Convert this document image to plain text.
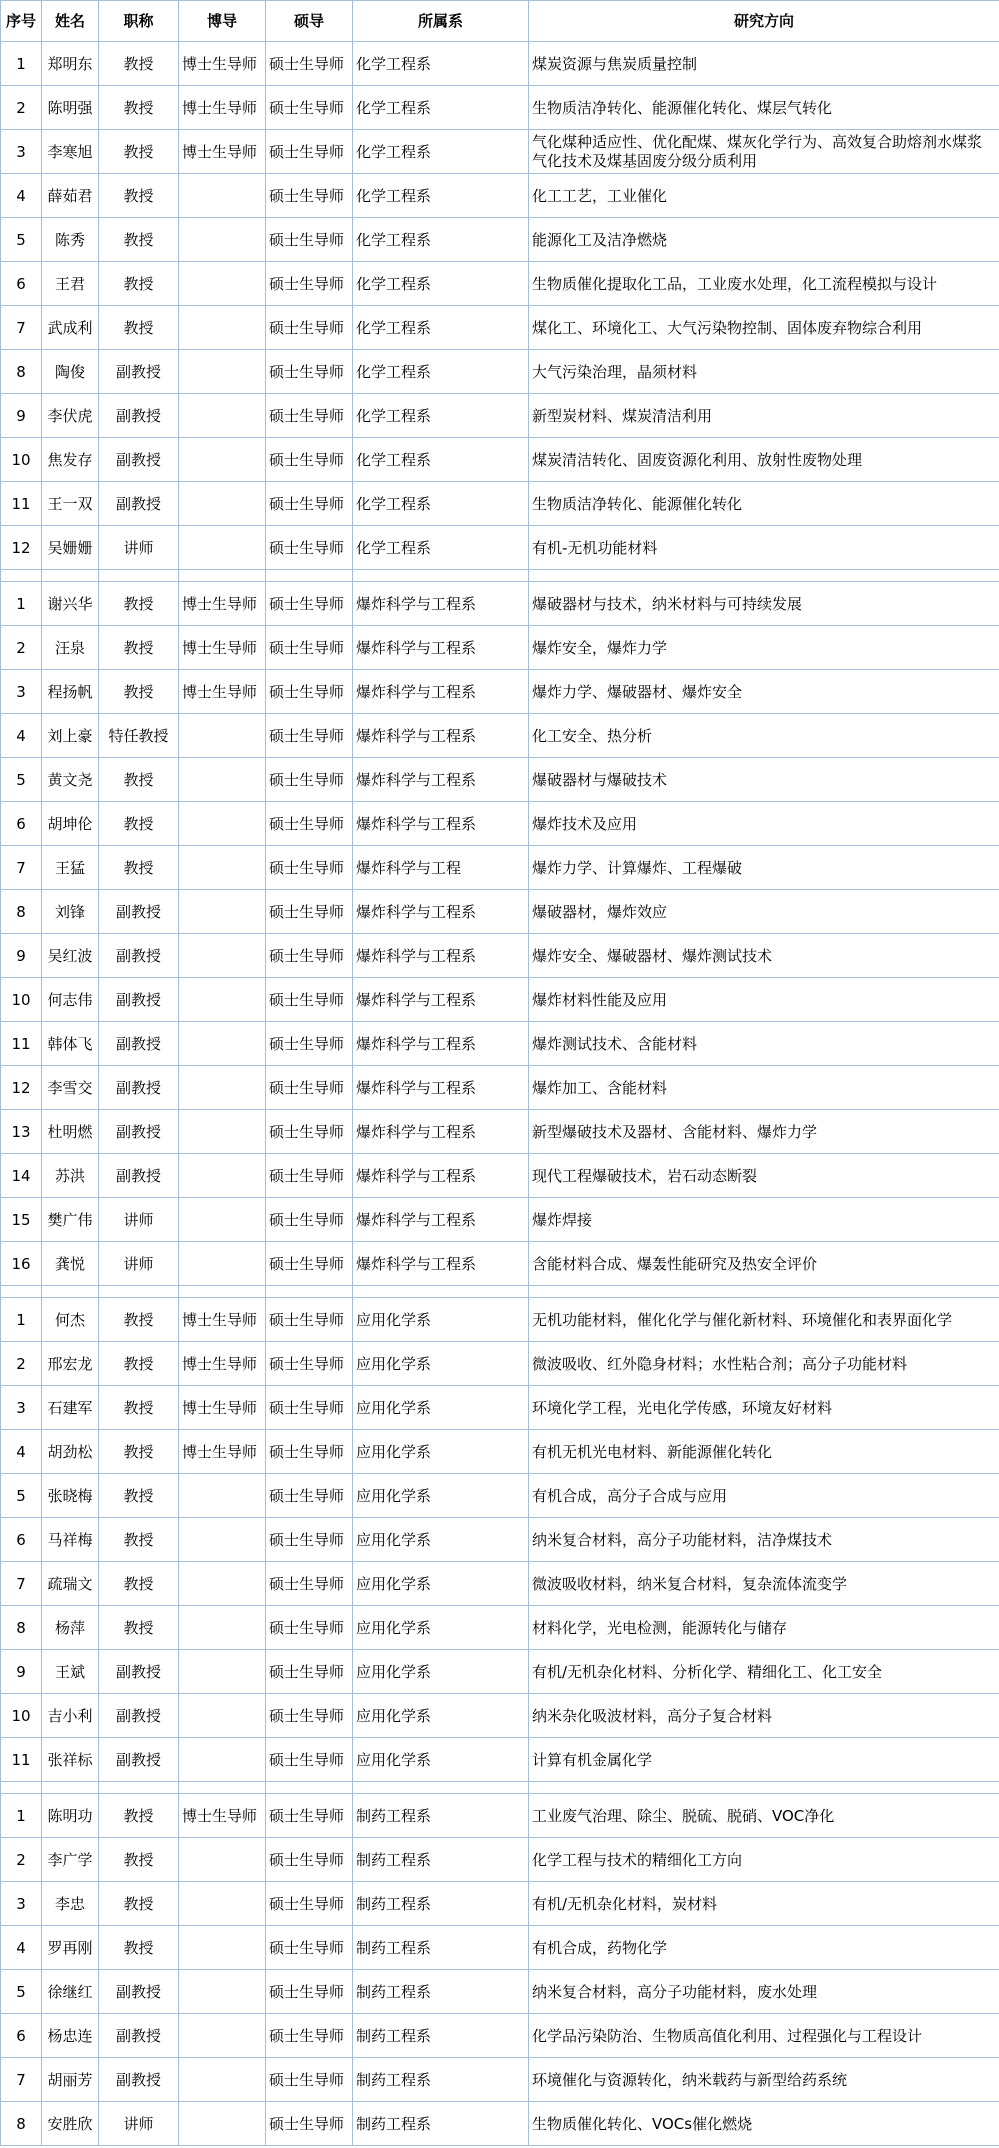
序号	姓名	职称	博导	硕导	所属系	研究方向
1	郑明东	教授	博士生导师	硕士生导师	化学工程系	煤炭资源与焦炭质量控制
2	陈明强	教授	博士生导师	硕士生导师	化学工程系	生物质洁净转化、能源催化转化、煤层气转化
3	李寒旭	教授	博士生导师	硕士生导师	化学工程系	气化煤种适应性、优化配煤、煤灰化学行为、高效复合助熔剂水煤浆气化技术及煤基固废分级分质利用
4	薛茹君	教授		硕士生导师	化学工程系	化工工艺，工业催化
5	陈秀	教授		硕士生导师	化学工程系	能源化工及洁净燃烧
6	王君	教授		硕士生导师	化学工程系	生物质催化提取化工品，工业废水处理，化工流程模拟与设计
7	武成利	教授		硕士生导师	化学工程系	煤化工、环境化工、大气污染物控制、固体废弃物综合利用
8	陶俊	副教授		硕士生导师	化学工程系	大气污染治理，晶须材料
9	李伏虎	副教授		硕士生导师	化学工程系	新型炭材料、煤炭清洁利用
10	焦发存	副教授		硕士生导师	化学工程系	煤炭清洁转化、固废资源化利用、放射性废物处理
11	王一双	副教授		硕士生导师	化学工程系	生物质洁净转化、能源催化转化
12	吴姗姗	讲师		硕士生导师	化学工程系	有机-无机功能材料

1	谢兴华	教授	博士生导师	硕士生导师	爆炸科学与工程系	爆破器材与技术，纳米材料与可持续发展
2	汪泉	教授	博士生导师	硕士生导师	爆炸科学与工程系	爆炸安全，爆炸力学
3	程扬帆	教授	博士生导师	硕士生导师	爆炸科学与工程系	爆炸力学、爆破器材、爆炸安全
4	刘上豪	特任教授		硕士生导师	爆炸科学与工程系	化工安全、热分析
5	黄文尧	教授		硕士生导师	爆炸科学与工程系	爆破器材与爆破技术
6	胡坤伦	教授		硕士生导师	爆炸科学与工程系	爆炸技术及应用
7	王猛	教授		硕士生导师	爆炸科学与工程	爆炸力学、计算爆炸、工程爆破
8	刘锋	副教授		硕士生导师	爆炸科学与工程系	爆破器材，爆炸效应
9	吴红波	副教授		硕士生导师	爆炸科学与工程系	爆炸安全、爆破器材、爆炸测试技术
10	何志伟	副教授		硕士生导师	爆炸科学与工程系	爆炸材料性能及应用
11	韩体飞	副教授		硕士生导师	爆炸科学与工程系	爆炸测试技术、含能材料
12	李雪交	副教授		硕士生导师	爆炸科学与工程系	爆炸加工、含能材料
13	杜明燃	副教授		硕士生导师	爆炸科学与工程系	新型爆破技术及器材、含能材料、爆炸力学
14	苏洪	副教授		硕士生导师	爆炸科学与工程系	现代工程爆破技术，岩石动态断裂
15	樊广伟	讲师		硕士生导师	爆炸科学与工程系	爆炸焊接
16	龚悦	讲师		硕士生导师	爆炸科学与工程系	含能材料合成、爆轰性能研究及热安全评价

1	何杰	教授	博士生导师	硕士生导师	应用化学系	无机功能材料，催化化学与催化新材料、环境催化和表界面化学
2	邢宏龙	教授	博士生导师	硕士生导师	应用化学系	微波吸收、红外隐身材料；水性粘合剂；高分子功能材料
3	石建军	教授	博士生导师	硕士生导师	应用化学系	环境化学工程，光电化学传感，环境友好材料
4	胡劲松	教授	博士生导师	硕士生导师	应用化学系	有机无机光电材料、新能源催化转化
5	张晓梅	教授		硕士生导师	应用化学系	有机合成，高分子合成与应用
6	马祥梅	教授		硕士生导师	应用化学系	纳米复合材料，高分子功能材料，洁净煤技术
7	疏瑞文	教授		硕士生导师	应用化学系	微波吸收材料，纳米复合材料，复杂流体流变学
8	杨萍	教授		硕士生导师	应用化学系	材料化学，光电检测，能源转化与储存
9	王斌	副教授		硕士生导师	应用化学系	有机/无机杂化材料、分析化学、精细化工、化工安全
10	吉小利	副教授		硕士生导师	应用化学系	纳米杂化吸波材料，高分子复合材料
11	张祥标	副教授		硕士生导师	应用化学系	计算有机金属化学

1	陈明功	教授	博士生导师	硕士生导师	制药工程系	工业废气治理、除尘、脱硫、脱硝、VOC净化
2	李广学	教授		硕士生导师	制药工程系	化学工程与技术的精细化工方向
3	李忠	教授		硕士生导师	制药工程系	有机/无机杂化材料，炭材料
4	罗再刚	教授		硕士生导师	制药工程系	有机合成，药物化学
5	徐继红	副教授		硕士生导师	制药工程系	纳米复合材料，高分子功能材料，废水处理
6	杨忠连	副教授		硕士生导师	制药工程系	化学品污染防治、生物质高值化利用、过程强化与工程设计
7	胡丽芳	副教授		硕士生导师	制药工程系	环境催化与资源转化，纳米载药与新型给药系统
8	安胜欣	讲师		硕士生导师	制药工程系	生物质催化转化、VOCs催化燃烧
